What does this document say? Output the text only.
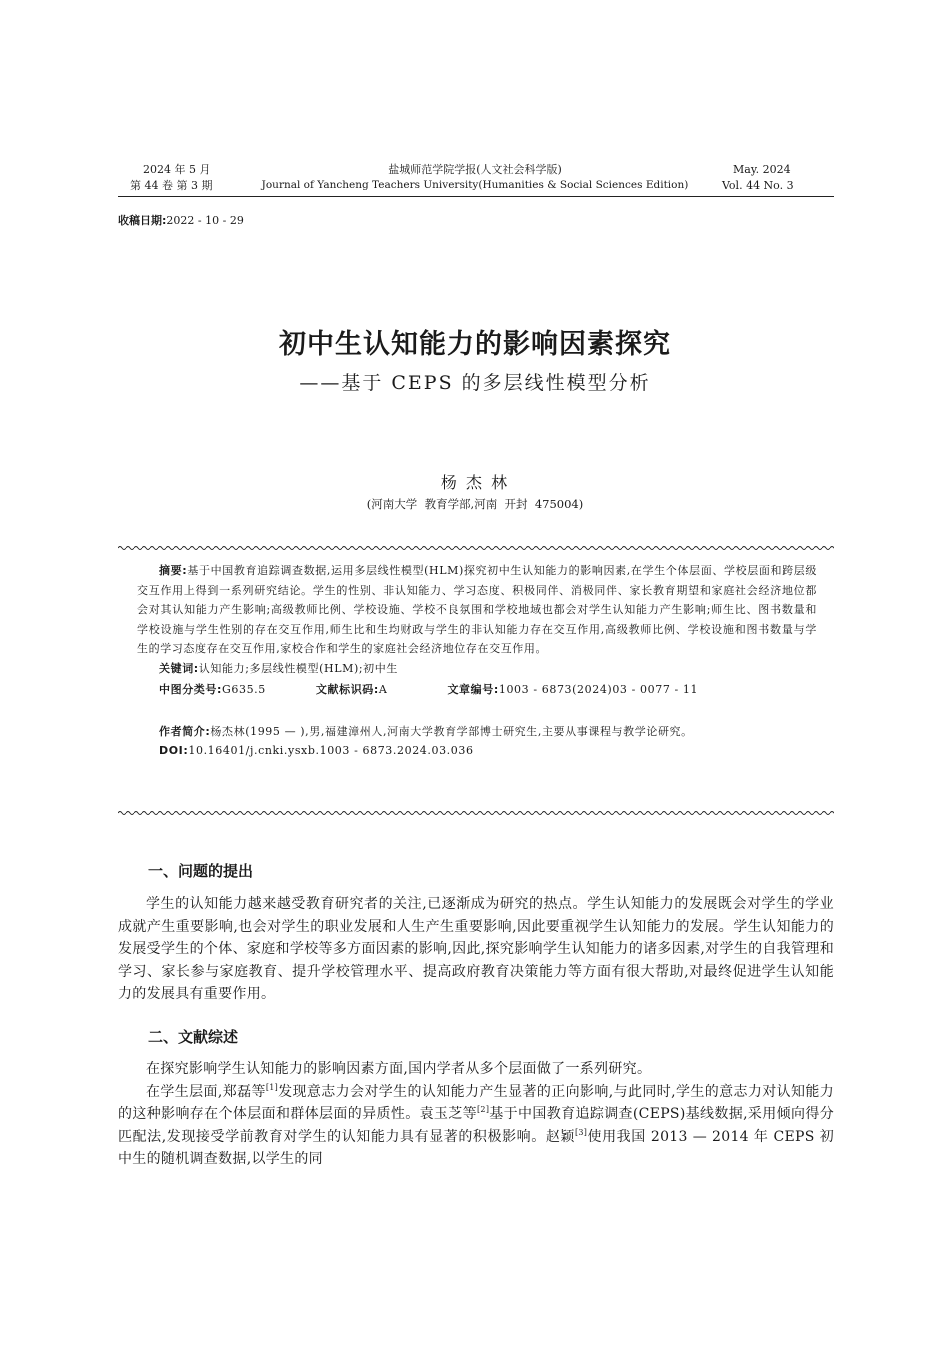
2024 年 5 月
第 44 卷 第 3 期
盐城师范学院学报(人文社会科学版)
Journal of Yancheng Teachers University(Humanities & Social Sciences Edition)
May. 2024
Vol. 44 No. 3
收稿日期:2022 - 10 - 29
初中生认知能力的影响因素探究
——基于 CEPS 的多层线性模型分析
杨 杰 林
(河南大学  教育学部,河南  开封  475004)

摘要:基于中国教育追踪调查数据,运用多层线性模型(HLM)探究初中生认知能力的影响因素,在学生个体层面、学校层面和跨层级交互作用上得到一系列研究结论。学生的性别、非认知能力、学习态度、积极同伴、消极同伴、家长教育期望和家庭社会经济地位都会对其认知能力产生影响;高级教师比例、学校设施、学校不良氛围和学校地域也都会对学生认知能力产生影响;师生比、图书数量和学校设施与学生性别的存在交互作用,师生比和生均财政与学生的非认知能力存在交互作用,高级教师比例、学校设施和图书数量与学生的学习态度存在交互作用,家校合作和学生的家庭社会经济地位存在交互作用。

关键词:认知能力;多层线性模型(HLM);初中生

中图分类号:G635.5	文献标识码:A	文章编号:1003 - 6873(2024)03 - 0077 - 11

作者简介:杨杰林(1995 — ),男,福建漳州人,河南大学教育学部博士研究生,主要从事课程与教学论研究。

DOI:10.16401/j.cnki.ysxb.1003 - 6873.2024.03.036

一、问题的提出

学生的认知能力越来越受教育研究者的关注,已逐渐成为研究的热点。学生认知能力的发展既会对学生的学业成就产生重要影响,也会对学生的职业发展和人生产生重要影响,因此要重视学生认知能力的发展。学生认知能力的发展受学生的个体、家庭和学校等多方面因素的影响,因此,探究影响学生认知能力的诸多因素,对学生的自我管理和学习、家长参与家庭教育、提升学校管理水平、提高政府教育决策能力等方面有很大帮助,对最终促进学生认知能力的发展具有重要作用。

二、文献综述

在探究影响学生认知能力的影响因素方面,国内学者从多个层面做了一系列研究。

在学生层面,郑磊等[1]发现意志力会对学生的认知能力产生显著的正向影响,与此同时,学生的意志力对认知能力的这种影响存在个体层面和群体层面的异质性。袁玉芝等[2]基于中国教育追踪调查(CEPS)基线数据,采用倾向得分匹配法,发现接受学前教育对学生的认知能力具有显著的积极影响。赵颖[3]使用我国 2013 — 2014 年 CEPS 初中生的随机调查数据,以学生的同
